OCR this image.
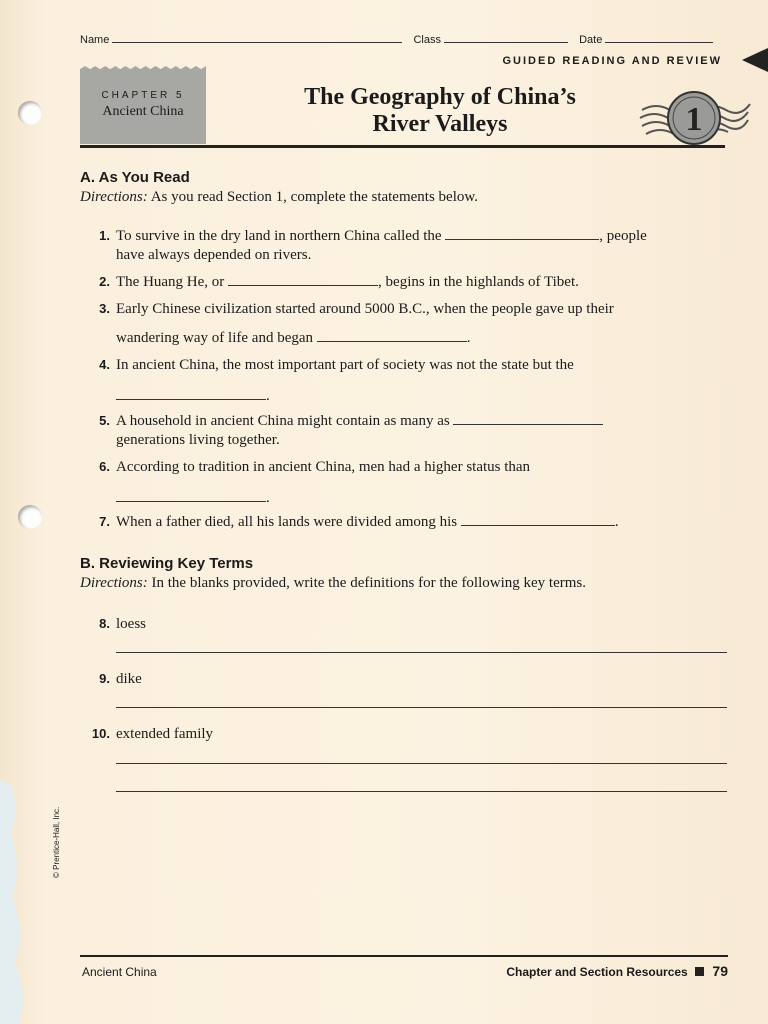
Name	Class	Date
GUIDED READING AND REVIEW
CHAPTER 5
Ancient China
The Geography of China’s
River Valleys	1
A. As You Read
Directions: As you read Section 1, complete the statements below.
1. To survive in the dry land in northern China called the	, people
have always depended on rivers.
2. The Huang He, or	, begins in the highlands of Tibet.
3. Early Chinese civilization started around 5000 B.C., when the people gave up their
wandering way of life and began	.
4. In ancient China, the most important part of society was not the state but the
.
5. A household in ancient China might contain as many as
generations living together.
6. According to tradition in ancient China, men had a higher status than
.
7. When a father died, all his lands were divided among his	.
B. Reviewing Key Terms
Directions: In the blanks provided, write the definitions for the following key terms.
8. loess
9. dike
10. extended family
© Prentice-Hall, Inc.
Ancient China	Chapter and Section Resources 79
